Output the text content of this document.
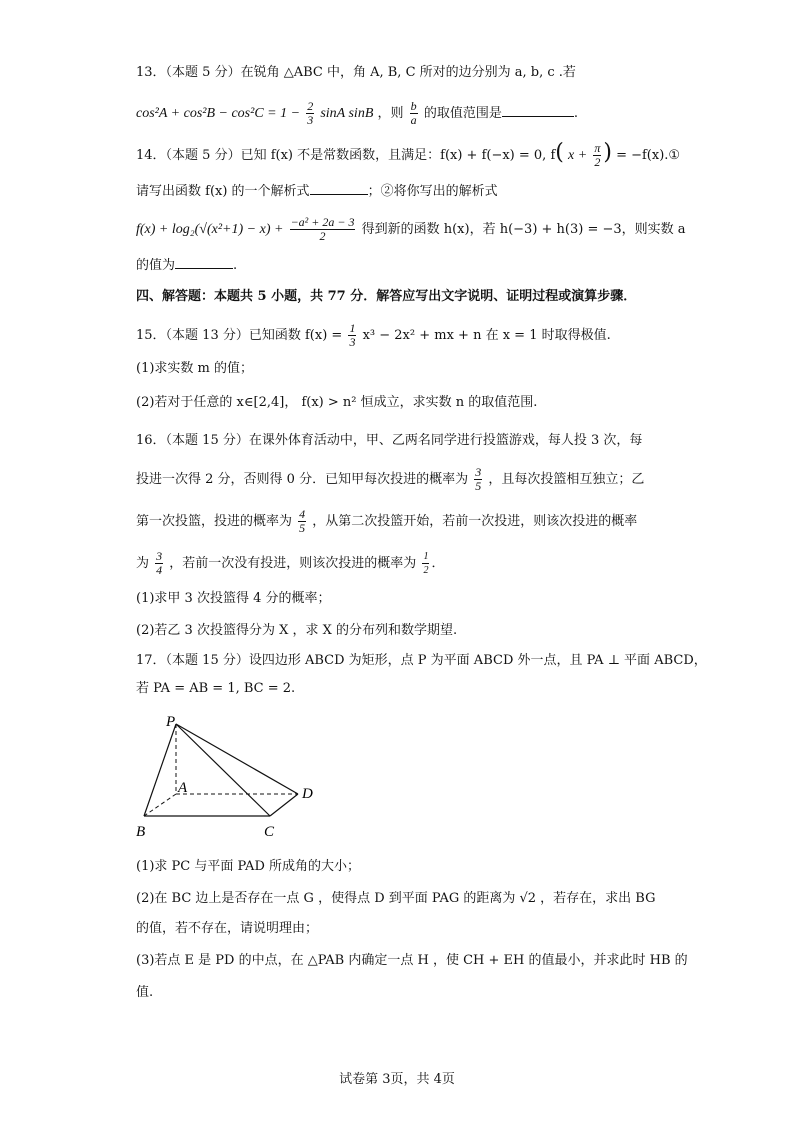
13．（本题 5 分）在锐角 △ABC 中，角 A, B, C 所对的边分别为 a, b, c .若
$\cos^2A + \cos^2B - \cos^2C = 1 - \frac{2}{3}$ sinA sinB ，则 $\frac{b}{a}$ 的取值范围是	.
14．（本题 5 分）已知 f(x) 不是常数函数，且满足：f(x) + f(−x) = 0, f( $x + \frac{\pi}{2}$ ) = −f(x).①
请写出函数 f(x) 的一个解析式	；②将你写出的解析式
$f(x) + \log_2(√(x^2+1) - x) + \frac{\text{−a² + 2a − 3}}{2}$ 得到新的函数 h(x)，若 h(−3) + h(3) = −3，则实数 a
的值为	.
四、解答题：本题共 5 小题，共 77 分．解答应写出文字说明、证明过程或演算步骤．
15．（本题 13 分）已知函数 $f(x) = \frac{1}{3} x^3 - 2x^2$ + mx + n 在 x = 1 时取得极值.
(1)求实数 m 的值；
(2)若对于任意的 x∈[2,4]， f(x) > n² 恒成立，求实数 n 的取值范围.
16．（本题 15 分）在课外体育活动中，甲、乙两名同学进行投篮游戏，每人投 3 次，每
投进一次得 2 分，否则得 0 分．已知甲每次投进的概率为 $\frac{3}{5}$ ，且每次投篮相互独立；乙
第一次投篮，投进的概率为 $\frac{4}{5}$ ，从第二次投篮开始，若前一次投进，则该次投进的概率
为 $\frac{3}{4}$ ，若前一次没有投进，则该次投进的概率为 $\frac{1}{2}$ ．
(1)求甲 3 次投篮得 4 分的概率；
(2)若乙 3 次投篮得分为 X ，求 X 的分布列和数学期望.
17．（本题 15 分）设四边形 ABCD 为矩形，点 P 为平面 ABCD 外一点，且 PA ⊥ 平面 ABCD，
若 PA = AB = 1, BC = 2.
P
A
B	C
D
(1)求 PC 与平面 PAD 所成角的大小；
(2)在 BC 边上是否存在一点 G ，使得点 D 到平面 PAG 的距离为 √2 ，若存在，求出 BG
的值，若不存在，请说明理由；
(3)若点 E 是 PD 的中点，在 △PAB 内确定一点 H ，使 CH + EH 的值最小，并求此时 HB 的
值.
试卷第 3页，共 4页
